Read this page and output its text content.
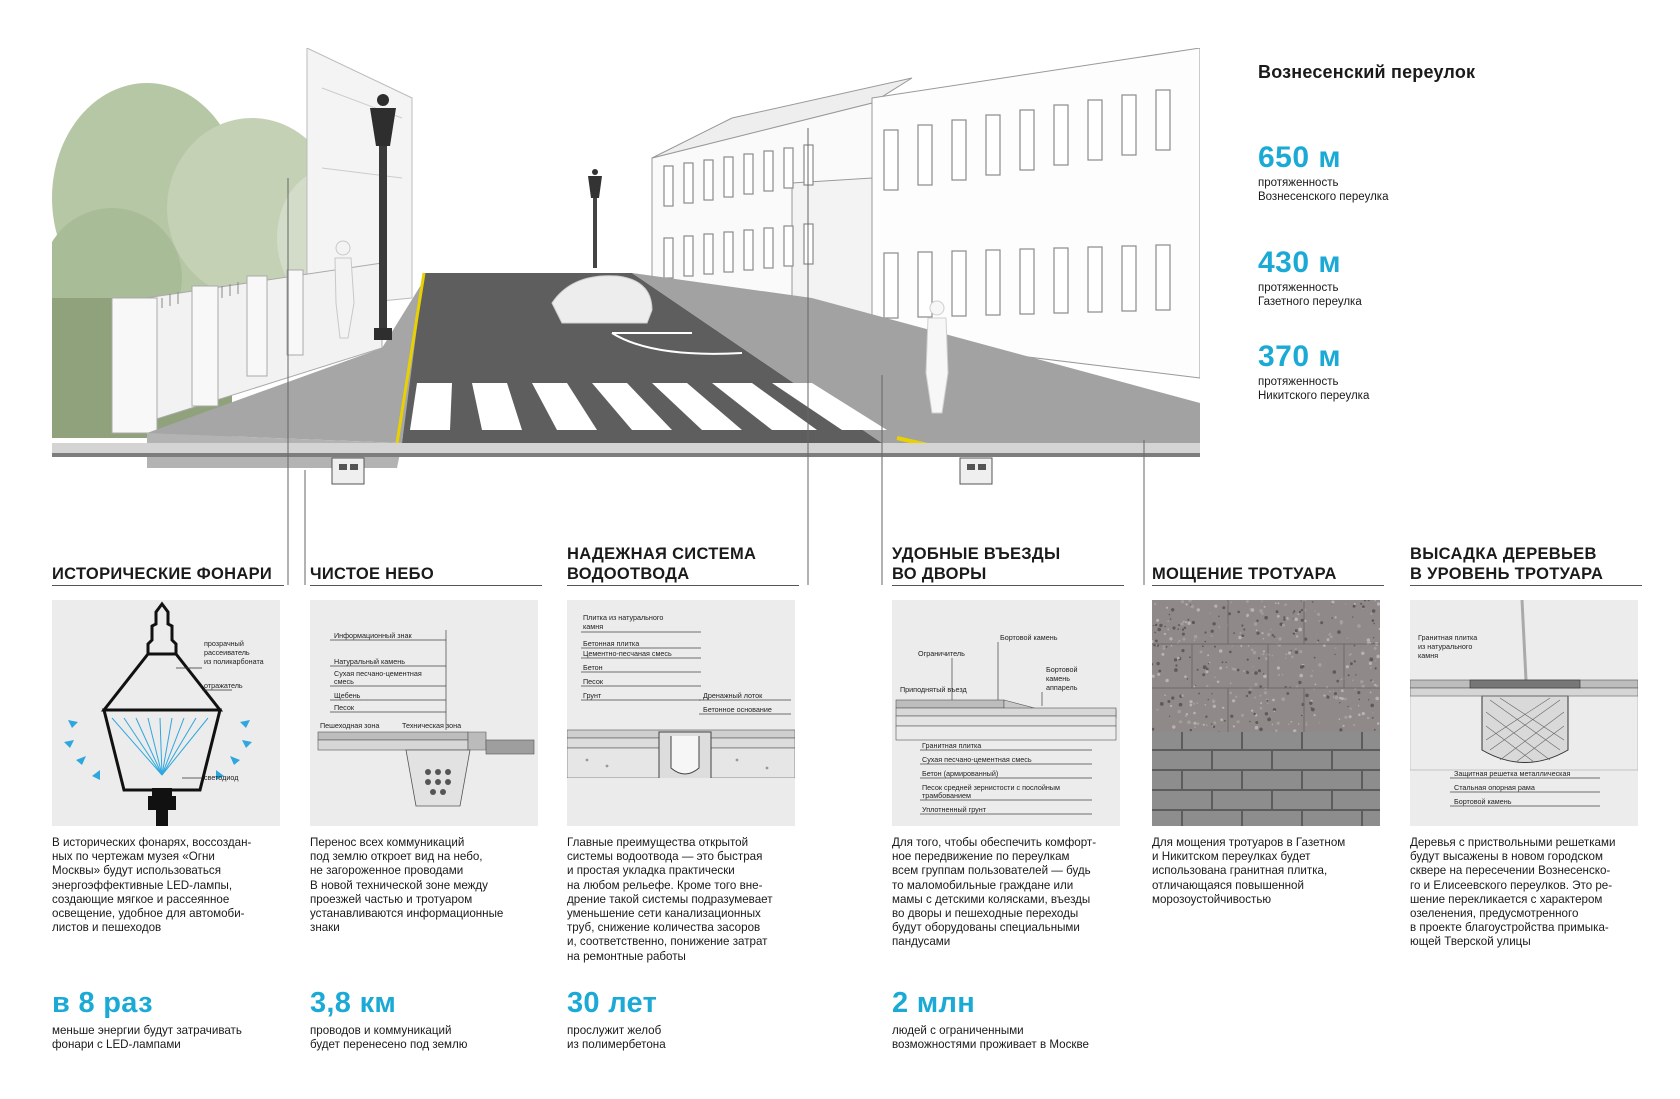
Вознесенский переулок
650 м
протяженность
Вознесенского переулка
430 м
протяженность
Газетного переулка
370 м
протяженность
Никитского переулка
ИСТОРИЧЕСКИЕ ФОНАРИ
прозрачный
рассеиватель
из поликарбоната
отражатель
светодиод
В исторических фонарях, воссоздан-
ных по чертежам музея «Огни
Москвы» будут использоваться
энергоэффективные LED-лампы,
создающие мягкое и рассеянное
освещение, удобное для автомоби-
листов и пешеходов
в 8 раз
меньше энергии будут затрачивать
фонари с LED-лампами
ЧИСТОЕ НЕБО
Информационный знак
Натуральный камень
Сухая песчано-цементная
смесь
Щебень
Песок
Пешеходная зона	Техническая зона
Перенос всех коммуникаций
под землю откроет вид на небо,
не загороженное проводами
В новой технической зоне между
проезжей частью и тротуаром
устанавливаются информационные
знаки
3,8 км
проводов и коммуникаций
будет перенесено под землю
НАДЕЖНАЯ СИСТЕМА
ВОДООТВОДА
Плитка из натурального
камня
Бетонная плитка
Цементно-песчаная смесь
Бетон
Песок
Грунт	Дренажный лоток
Бетонное основание
Главные преимущества открытой
системы водоотвода — это быстрая
и простая укладка практически
на любом рельефе. Кроме того вне-
дрение такой системы подразумевает
уменьшение сети канализационных
труб, снижение количества засоров
и, соответственно, понижение затрат
на ремонтные работы
30 лет
прослужит желоб
из полимербетона
УДОБНЫЕ ВЪЕЗДЫ
ВО ДВОРЫ
Бортовой камень
Ограничитель
Бортовой
камень
аппарель
Приподнятый въезд
Гранитная плитка
Сухая песчано-цементная смесь
Бетон (армированный)
Песок средней зернистости с послойным
трамбованием
Уплотненный грунт
Для того, чтобы обеспечить комфорт-
ное передвижение по переулкам
всем группам пользователей — будь
то маломобильные граждане или
мамы с детскими колясками, въезды
во дворы и пешеходные переходы
будут оборудованы специальными
пандусами
2 млн
людей с ограниченными
возможностями проживает в Москве
МОЩЕНИЕ ТРОТУАРА
Для мощения тротуаров в Газетном
и Никитском переулках будет
использована гранитная плитка,
отличающаяся повышенной
морозоустойчивостью
ВЫСАДКА ДЕРЕВЬЕВ
В УРОВЕНЬ ТРОТУАРА
Гранитная плитка
из натурального
камня
Защитная решетка металлическая
Стальная опорная рама
Бортовой камень
Деревья с приствольными решетками
будут высажены в новом городском
сквере на пересечении Вознесенско-
го и Елисеевского переулков. Это ре-
шение перекликается с характером
озеленения, предусмотренного
в проекте благоустройства примыка-
ющей Тверской улицы
